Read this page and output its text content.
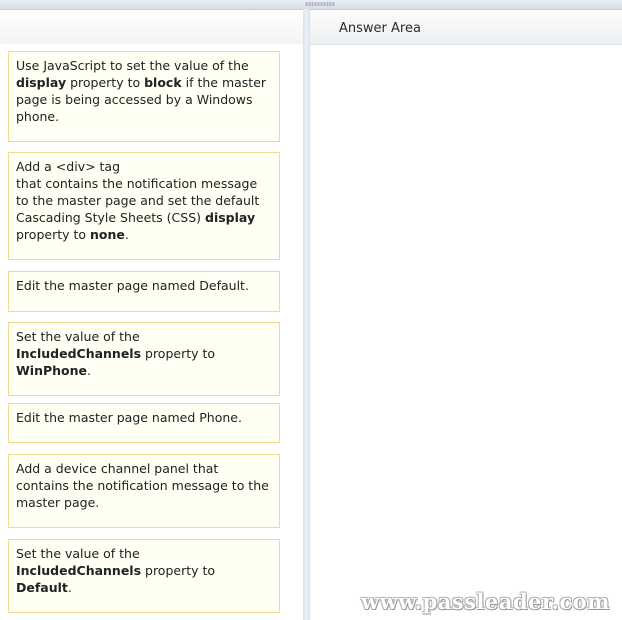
Answer Area
Use JavaScript to set the value of the display property to block if the master page is being accessed by a Windows phone.
Add a <div> tag
that contains the notification message to the master page and set the default Cascading Style Sheets (CSS) display property to none.
Edit the master page named Default.
Set the value of the
IncludedChannels property to
WinPhone.
Edit the master page named Phone.
Add a device channel panel that contains the notification message to the master page.
Set the value of the
IncludedChannels property to
Default.
www.passleader.com
